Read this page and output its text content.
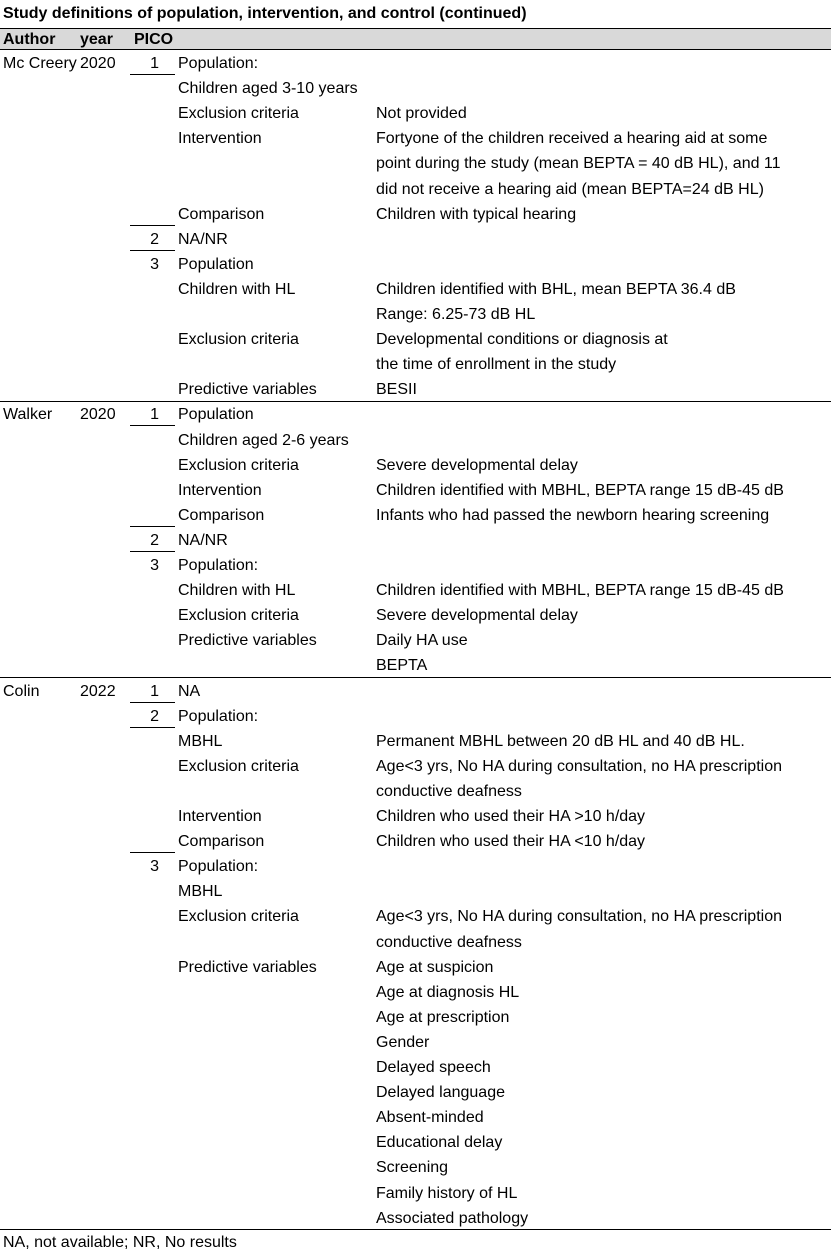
Study definitions of population, intervention, and control (continued)
Author year PICO
Mc Creery 2020	1 Population:
Children aged 3-10 years
Exclusion criteria	Not provided
Intervention	Fortyone of the children received a hearing aid at some
point during the study (mean BEPTA = 40 dB HL), and 11
did not receive a hearing aid (mean BEPTA=24 dB HL)
Comparison	Children with typical hearing
2 NA/NR
3 Population
Children with HL	Children identified with BHL, mean BEPTA 36.4 dB
Range: 6.25-73 dB HL
Exclusion criteria	Developmental conditions or diagnosis at
the time of enrollment in the study
Predictive variables	BESII
Walker 2020	1 Population
Children aged 2-6 years
Exclusion criteria	Severe developmental delay
Intervention	Children identified with MBHL, BEPTA range 15 dB-45 dB
Comparison	Infants who had passed the newborn hearing screening
2 NA/NR
3 Population:
Children with HL	Children identified with MBHL, BEPTA range 15 dB-45 dB
Exclusion criteria	Severe developmental delay
Predictive variables	Daily HA use
BEPTA
Colin	2022	1 NA
2 Population:
MBHL	Permanent MBHL between 20 dB HL and 40 dB HL.
Exclusion criteria	Age<3 yrs, No HA during consultation, no HA prescription
conductive deafness
Intervention	Children who used their HA >10 h/day
Comparison	Children who used their HA <10 h/day
3 Population:
MBHL
Exclusion criteria	Age<3 yrs, No HA during consultation, no HA prescription
conductive deafness
Predictive variables	Age at suspicion
Age at diagnosis HL
Age at prescription
Gender
Delayed speech
Delayed language
Absent-minded
Educational delay
Screening
Family history of HL
Associated pathology
NA, not available; NR, No results
